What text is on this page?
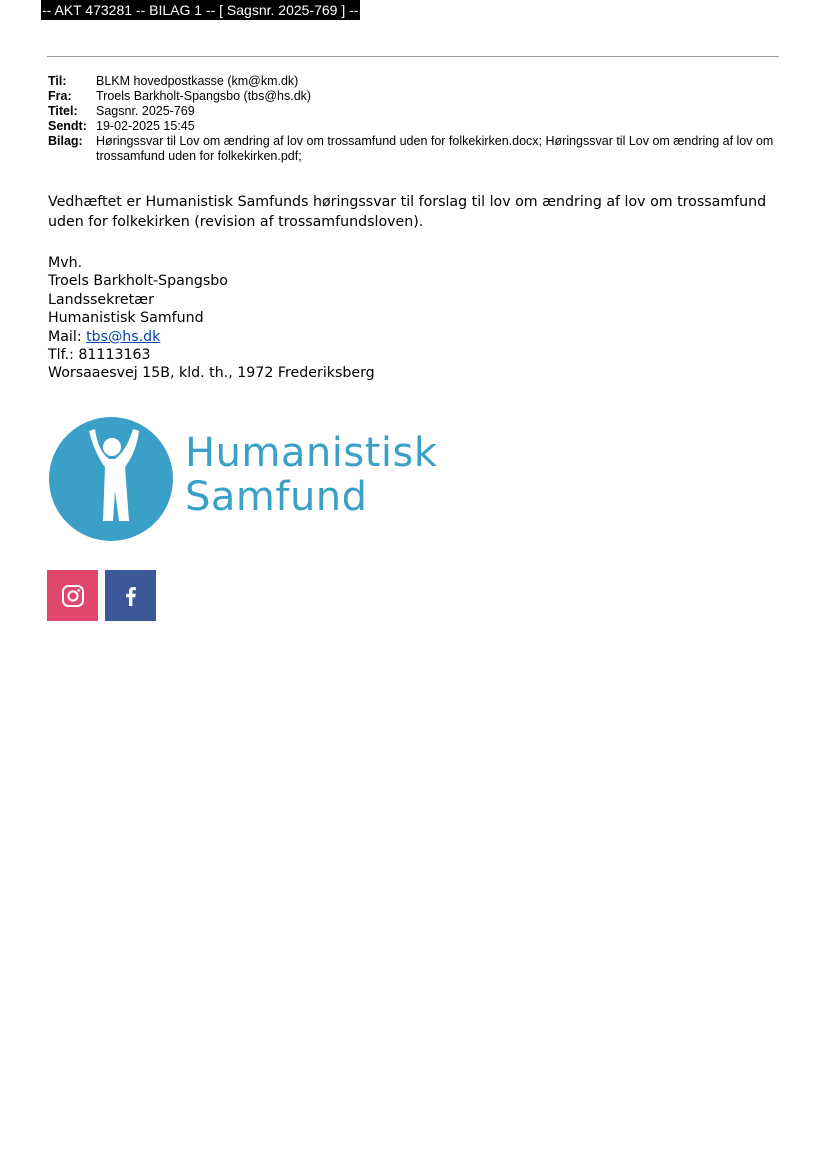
-- AKT 473281 -- BILAG 1 -- [ Sagsnr. 2025-769 ] --
Til:	BLKM hovedpostkasse (km@km.dk)
Fra:	Troels Barkholt-Spangsbo (tbs@hs.dk)
Titel:	Sagsnr. 2025-769
Sendt: 19-02-2025 15:45
Bilag:	Høringssvar til Lov om ændring af lov om trossamfund uden for folkekirken.docx; Høringssvar til Lov om ændring af lov om trossamfund uden for folkekirken.pdf;
Vedhæftet er Humanistisk Samfunds høringssvar til forslag til lov om ændring af lov om trossamfund uden for folkekirken (revision af trossamfundsloven).
Mvh.
Troels Barkholt-Spangsbo
Landssekretær
Humanistisk Samfund
Mail: tbs@hs.dk
Tlf.: 81113163
Worsaaesvej 15B, kld. th., 1972 Frederiksberg
Humanistisk
Samfund
